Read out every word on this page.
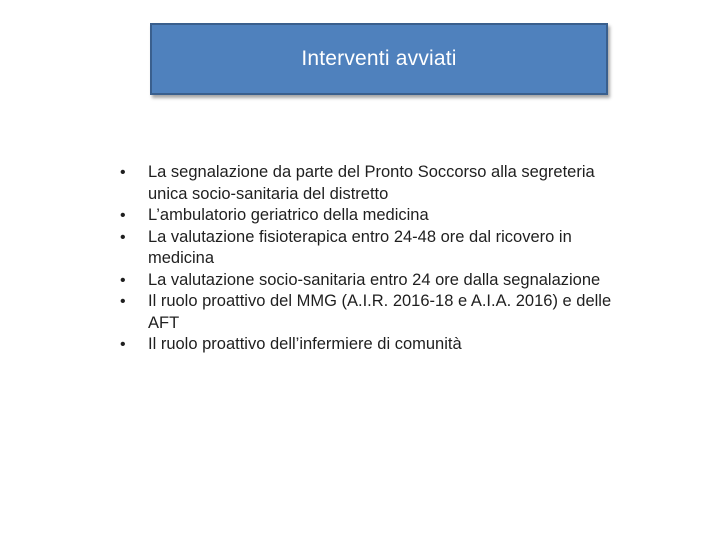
Interventi avviati
• La segnalazione da parte del Pronto Soccorso alla segreteria unica socio-sanitaria del distretto
• L’ambulatorio geriatrico della medicina
• La valutazione fisioterapica entro 24-48 ore dal ricovero in medicina
• La valutazione socio-sanitaria entro 24 ore dalla segnalazione
• Il ruolo proattivo del MMG (A.I.R. 2016-18 e A.I.A. 2016) e delle AFT
• Il ruolo proattivo dell’infermiere di comunità
